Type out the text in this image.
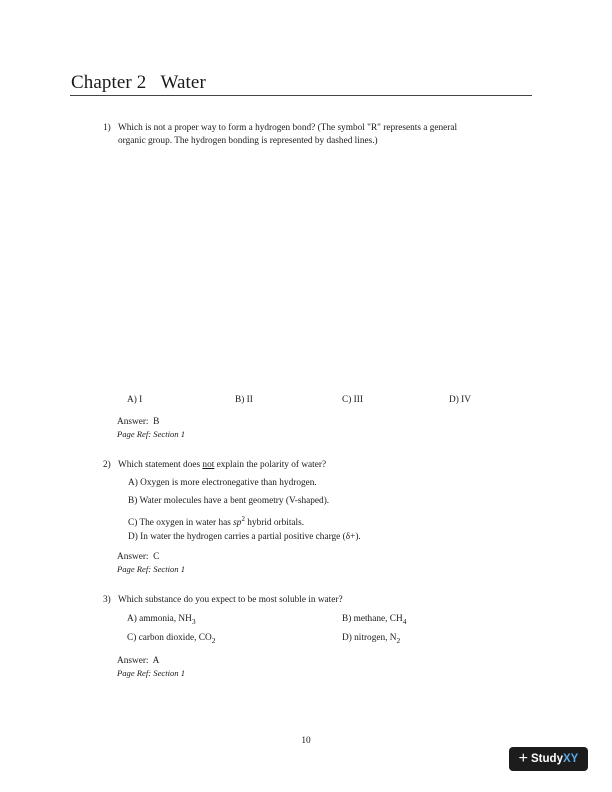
Chapter 2   Water
1) Which is not a proper way to form a hydrogen bond? (The symbol "R" represents a general
organic group. The hydrogen bonding is represented by dashed lines.)
A) I	B) II	C) III	D) IV
Answer:  B
Page Ref: Section 1
2) Which statement does not explain the polarity of water?
A) Oxygen is more electronegative than hydrogen.
B) Water molecules have a bent geometry (V-shaped).
C) The oxygen in water has $sp^2$ hybrid orbitals.
D) In water the hydrogen carries a partial positive charge (δ+).
Answer:  C
Page Ref: Section 1
3) Which substance do you expect to be most soluble in water?
A) ammonia, $NH_3$	B) methane, $CH_4$
C) carbon dioxide, $CO_2$	D) nitrogen, $N_2$
Answer:  A
Page Ref: Section 1
10
+ Study XY
